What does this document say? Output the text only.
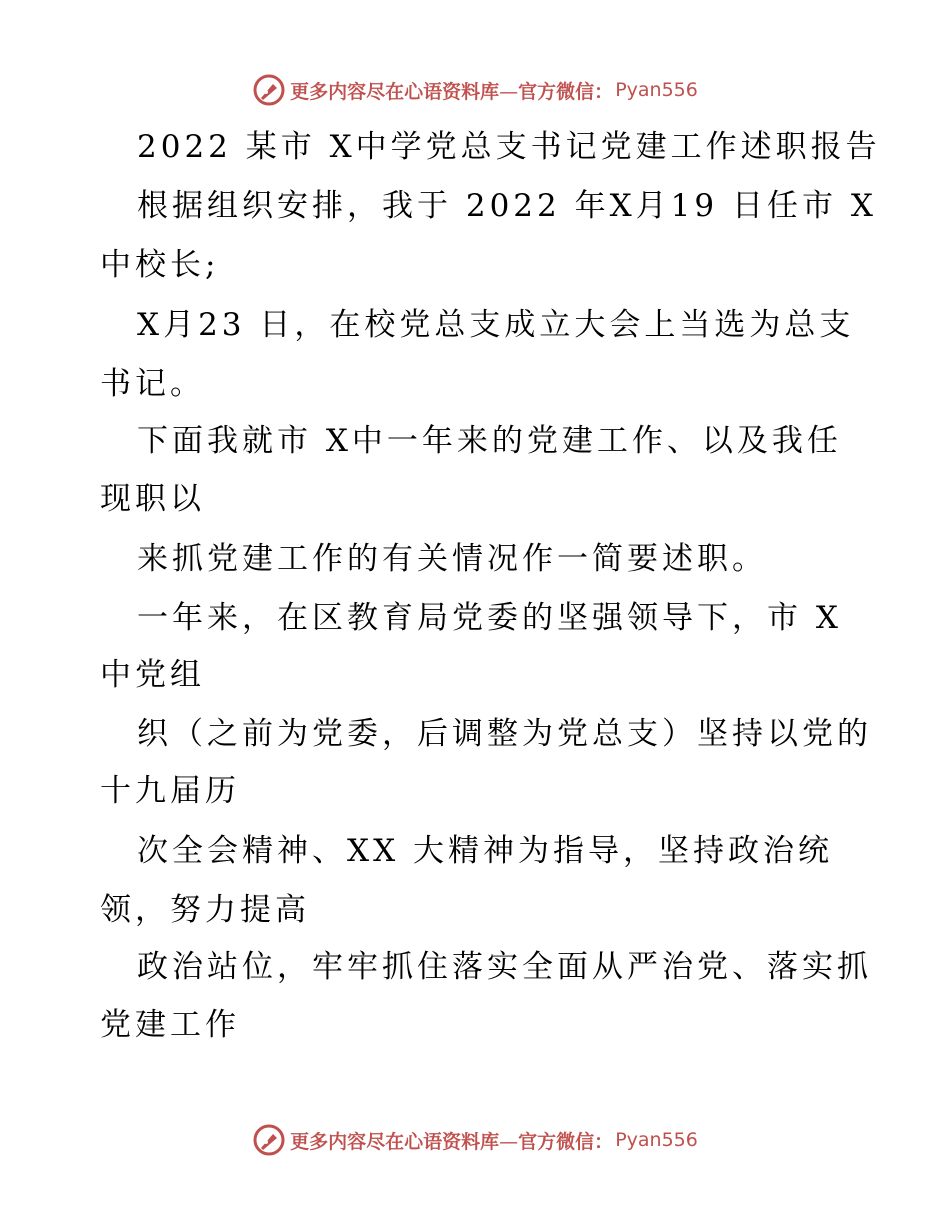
更多内容尽在心语资料库—官方微信： Pyan556
2022 某市 X中学党总支书记党建工作述职报告
根据组织安排，我于 2022 年X月19 日任市 X
中校长;
X月23 日，在校党总支成立大会上当选为总支
书记。
下面我就市 X中一年来的党建工作、以及我任
现职以
来抓党建工作的有关情况作一简要述职。
一年来，在区教育局党委的坚强领导下，市 X
中党组
织（之前为党委，后调整为党总支）坚持以党的
十九届历
次全会精神、XX 大精神为指导，坚持政治统
领，努力提高
政治站位，牢牢抓住落实全面从严治党、落实抓
党建工作
更多内容尽在心语资料库—官方微信： Pyan556
